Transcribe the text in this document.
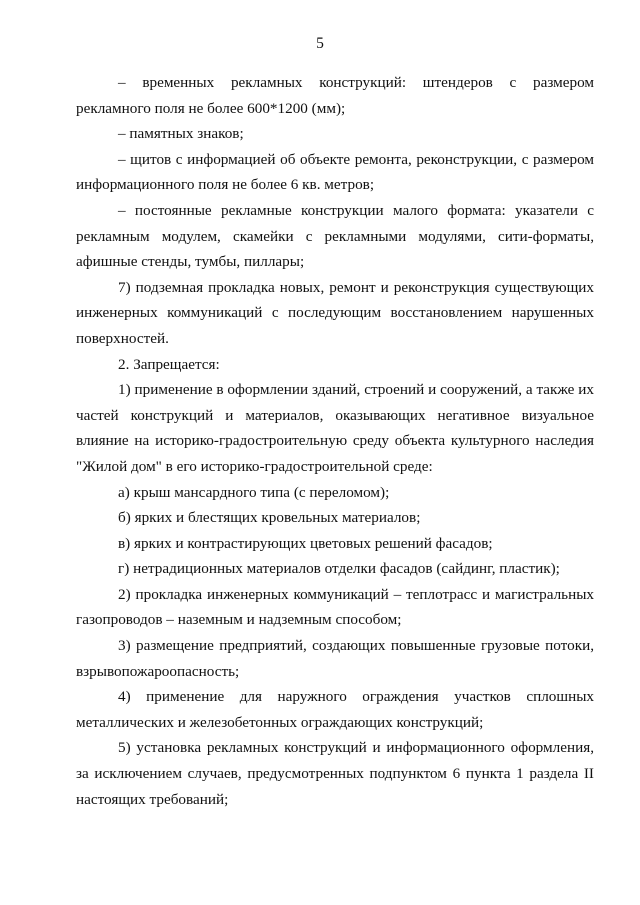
5

– временных рекламных конструкций: штендеров с размером рекламного поля не более 600*1200 (мм);

– памятных знаков;

– щитов с информацией об объекте ремонта, реконструкции, с размером информационного поля не более 6 кв. метров;

– постоянные рекламные конструкции малого формата: указатели с рекламным модулем, скамейки с рекламными модулями, сити-форматы, афишные стенды, тумбы, пиллары;

7) подземная прокладка новых, ремонт и реконструкция существующих инженерных коммуникаций с последующим восстановлением нарушенных поверхностей.

2. Запрещается:

1) применение в оформлении зданий, строений и сооружений, а также их частей конструкций и материалов, оказывающих негативное визуальное влияние на историко-градостроительную среду объекта культурного наследия "Жилой дом" в его историко-градостроительной среде:

а) крыш мансардного типа (с переломом);

б) ярких и блестящих кровельных материалов;

в) ярких и контрастирующих цветовых решений фасадов;

г) нетрадиционных материалов отделки фасадов (сайдинг, пластик);

2) прокладка инженерных коммуникаций – теплотрасс и магистральных газопроводов – наземным и надземным способом;

3) размещение предприятий, создающих повышенные грузовые потоки, взрывопожароопасность;

4) применение для наружного ограждения участков сплошных металлических и железобетонных ограждающих конструкций;

5) установка рекламных конструкций и информационного оформления, за исключением случаев, предусмотренных подпунктом 6 пункта 1 раздела II настоящих требований;
